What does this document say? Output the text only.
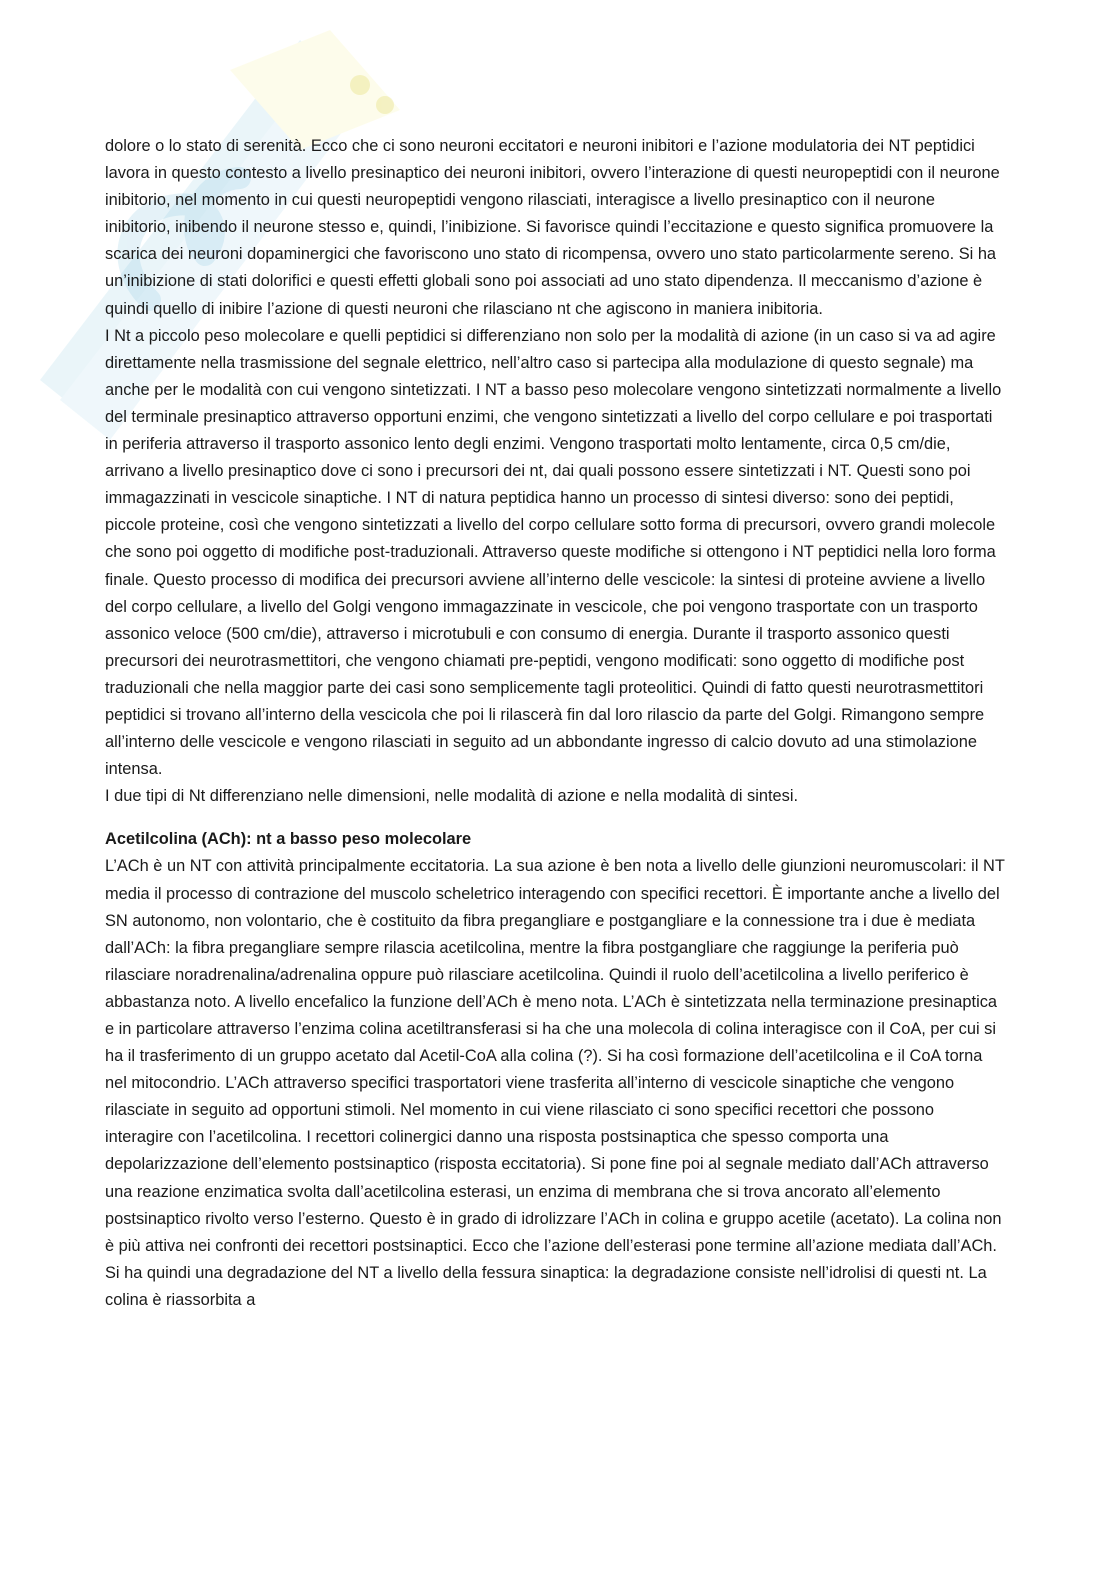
dolore o lo stato di serenità. Ecco che ci sono neuroni eccitatori e neuroni inibitori e l’azione modulatoria dei NT peptidici lavora in questo contesto a livello presinaptico dei neuroni inibitori, ovvero l’interazione di questi neuropeptidi con il neurone inibitorio, nel momento in cui questi neuropeptidi vengono rilasciati, interagisce a livello presinaptico con il neurone inibitorio, inibendo il neurone stesso e, quindi, l’inibizione. Si favorisce quindi l’eccitazione e questo significa promuovere la scarica dei neuroni dopaminergici che favoriscono uno stato di ricompensa, ovvero uno stato particolarmente sereno. Si ha un’inibizione di stati dolorifici e questi effetti globali sono poi associati ad uno stato dipendenza. Il meccanismo d’azione è quindi quello di inibire l’azione di questi neuroni che rilasciano nt che agiscono in maniera inibitoria.

I Nt a piccolo peso molecolare e quelli peptidici si differenziano non solo per la modalità di azione (in un caso si va ad agire direttamente nella trasmissione del segnale elettrico, nell’altro caso si partecipa alla modulazione di questo segnale) ma anche per le modalità con cui vengono sintetizzati. I NT a basso peso molecolare vengono sintetizzati normalmente a livello del terminale presinaptico attraverso opportuni enzimi, che vengono sintetizzati a livello del corpo cellulare e poi trasportati in periferia attraverso il trasporto assonico lento degli enzimi. Vengono trasportati molto lentamente, circa 0,5 cm/die, arrivano a livello presinaptico dove ci sono i precursori dei nt, dai quali possono essere sintetizzati i NT. Questi sono poi immagazzinati in vescicole sinaptiche. I NT di natura peptidica hanno un processo di sintesi diverso: sono dei peptidi, piccole proteine, così che vengono sintetizzati a livello del corpo cellulare sotto forma di precursori, ovvero grandi molecole che sono poi oggetto di modifiche post-traduzionali. Attraverso queste modifiche si ottengono i NT peptidici nella loro forma finale. Questo processo di modifica dei precursori avviene all’interno delle vescicole: la sintesi di proteine avviene a livello del corpo cellulare, a livello del Golgi vengono immagazzinate in vescicole, che poi vengono trasportate con un trasporto assonico veloce (500 cm/die), attraverso i microtubuli e con consumo di energia. Durante il trasporto assonico questi precursori dei neurotrasmettitori, che vengono chiamati pre-peptidi, vengono modificati: sono oggetto di modifiche post traduzionali che nella maggior parte dei casi sono semplicemente tagli proteolitici. Quindi di fatto questi neurotrasmettitori peptidici si trovano all’interno della vescicola che poi li rilascerà fin dal loro rilascio da parte del Golgi. Rimangono sempre all’interno delle vescicole e vengono rilasciati in seguito ad un abbondante ingresso di calcio dovuto ad una stimolazione intensa.

I due tipi di Nt differenziano nelle dimensioni, nelle modalità di azione e nella modalità di sintesi.

Acetilcolina (ACh): nt a basso peso molecolare

L’ACh è un NT con attività principalmente eccitatoria. La sua azione è ben nota a livello delle giunzioni neuromuscolari: il NT media il processo di contrazione del muscolo scheletrico interagendo con specifici recettori. È importante anche a livello del SN autonomo, non volontario, che è costituito da fibra pregangliare e postgangliare e la connessione tra i due è mediata dall’ACh: la fibra pregangliare sempre rilascia acetilcolina, mentre la fibra postgangliare che raggiunge la periferia può rilasciare noradrenalina/adrenalina oppure può rilasciare acetilcolina. Quindi il ruolo dell’acetilcolina a livello periferico è abbastanza noto. A livello encefalico la funzione dell’ACh è meno nota. L’ACh è sintetizzata nella terminazione presinaptica e in particolare attraverso l’enzima colina acetiltransferasi si ha che una molecola di colina interagisce con il CoA, per cui si ha il trasferimento di un gruppo acetato dal Acetil-CoA alla colina (?). Si ha così formazione dell’acetilcolina e il CoA torna nel mitocondrio. L’ACh attraverso specifici trasportatori viene trasferita all’interno di vescicole sinaptiche che vengono rilasciate in seguito ad opportuni stimoli. Nel momento in cui viene rilasciato ci sono specifici recettori che possono interagire con l’acetilcolina. I recettori colinergici danno una risposta postsinaptica che spesso comporta una depolarizzazione dell’elemento postsinaptico (risposta eccitatoria). Si pone fine poi al segnale mediato dall’ACh attraverso una reazione enzimatica svolta dall’acetilcolina esterasi, un enzima di membrana che si trova ancorato all’elemento postsinaptico rivolto verso l’esterno. Questo è in grado di idrolizzare l’ACh in colina e gruppo acetile (acetato). La colina non è più attiva nei confronti dei recettori postsinaptici. Ecco che l’azione dell’esterasi pone termine all’azione mediata dall’ACh. Si ha quindi una degradazione del NT a livello della fessura sinaptica: la degradazione consiste nell’idrolisi di questi nt. La colina è riassorbita a
